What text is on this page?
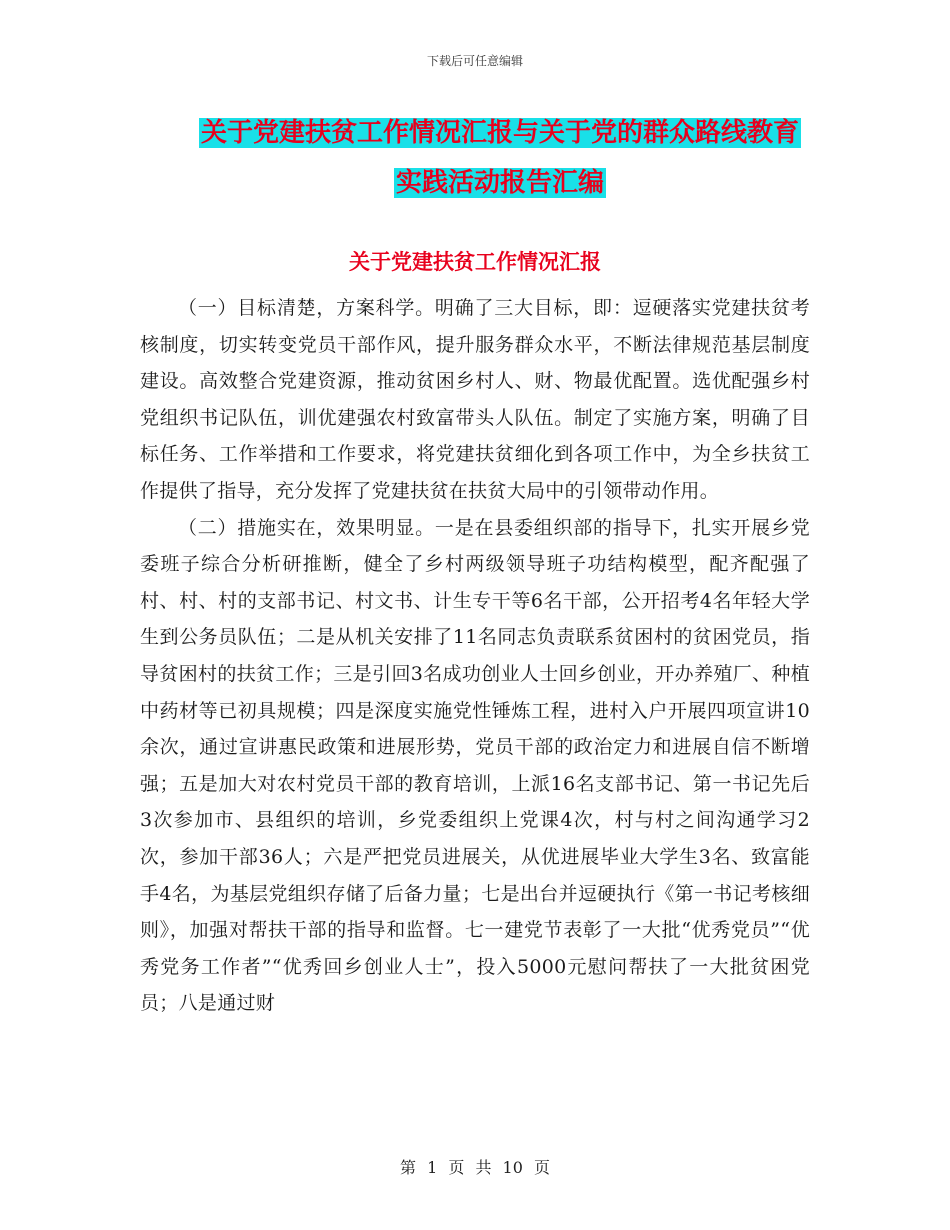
下载后可任意编辑
关于党建扶贫工作情况汇报与关于党的群众路线教育
实践活动报告汇编
关于党建扶贫工作情况汇报

（一）目标清楚，方案科学。明确了三大目标，即：逗硬落实党建扶贫考核制度，切实转变党员干部作风，提升服务群众水平，不断法律规范基层制度建设。高效整合党建资源，推动贫困乡村人、财、物最优配置。选优配强乡村党组织书记队伍，训优建强农村致富带头人队伍。制定了实施方案，明确了目标任务、工作举措和工作要求，将党建扶贫细化到各项工作中，为全乡扶贫工作提供了指导，充分发挥了党建扶贫在扶贫大局中的引领带动作用。

（二）措施实在，效果明显。一是在县委组织部的指导下，扎实开展乡党委班子综合分析研推断，健全了乡村两级领导班子功结构模型，配齐配强了村、村、村的支部书记、村文书、计生专干等6名干部，公开招考4名年轻大学生到公务员队伍；二是从机关安排了11名同志负责联系贫困村的贫困党员，指导贫困村的扶贫工作；三是引回3名成功创业人士回乡创业，开办养殖厂、种植中药材等已初具规模；四是深度实施党性锤炼工程，进村入户开展四项宣讲10余次，通过宣讲惠民政策和进展形势，党员干部的政治定力和进展自信不断增强；五是加大对农村党员干部的教育培训，上派16名支部书记、第一书记先后3次参加市、县组织的培训，乡党委组织上党课4次，村与村之间沟通学习2次，参加干部36人；六是严把党员进展关，从优进展毕业大学生3名、致富能手4名，为基层党组织存储了后备力量；七是出台并逗硬执行《第一书记考核细则》，加强对帮扶干部的指导和监督。七一建党节表彰了一大批“优秀党员”“优秀党务工作者”“优秀回乡创业人士”，投入5000元慰问帮扶了一大批贫困党员；八是通过财

第 1 页 共 10 页
